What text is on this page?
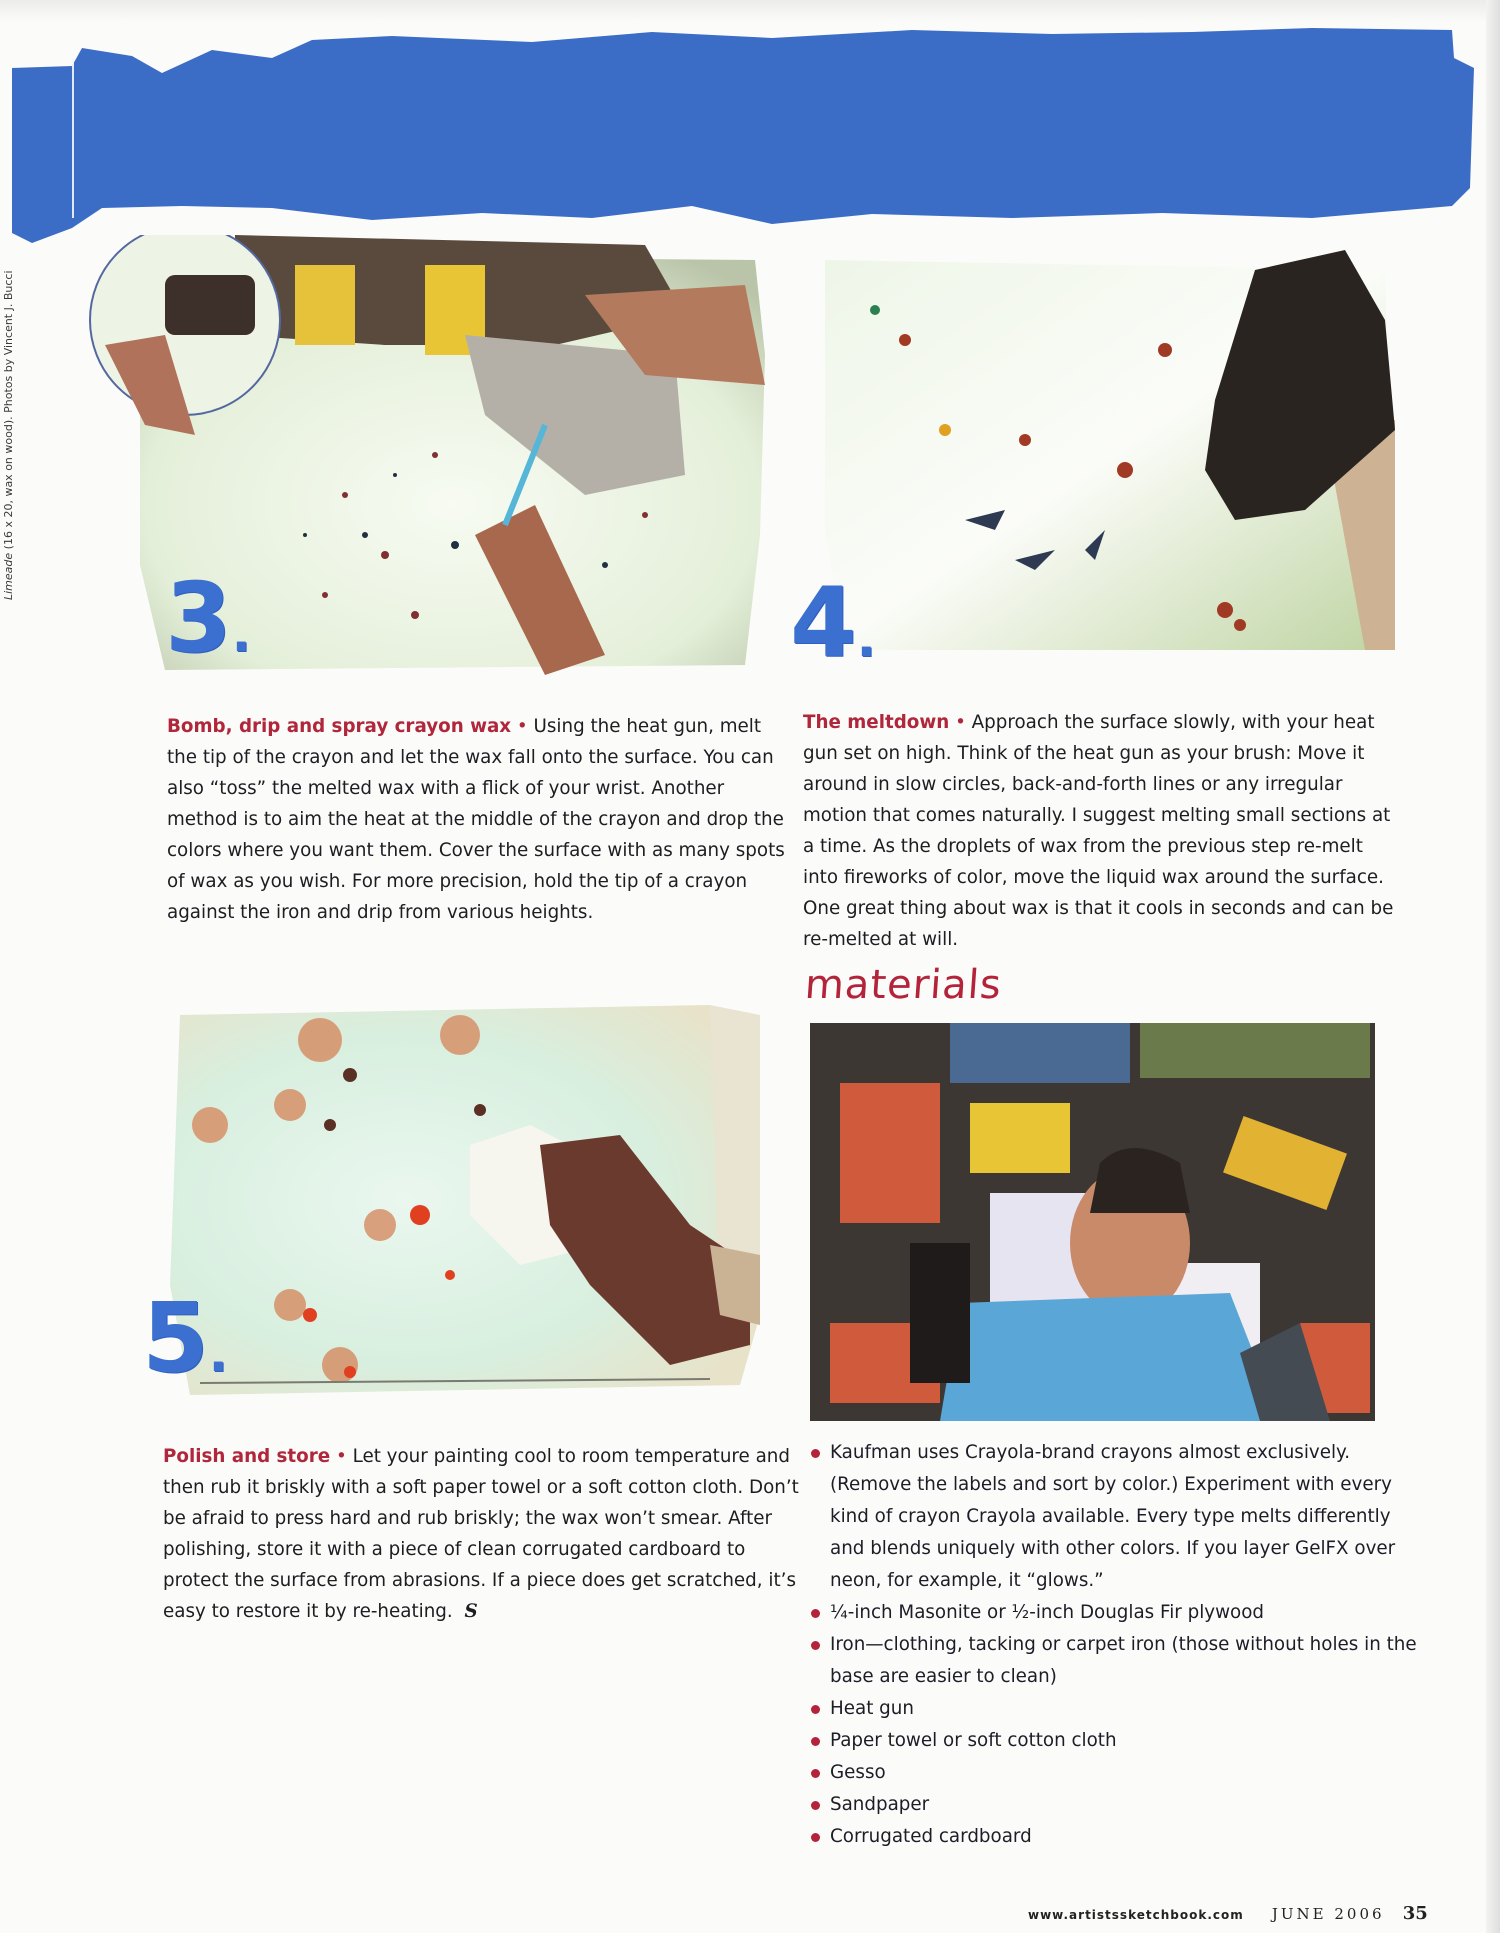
Limeade (16 x 20, wax on wood). Photos by Vincent J. Bucci
3.	4.
Bomb, drip and spray crayon wax • Using the heat gun, melt the tip of the crayon and let the wax fall onto the surface. You can also “toss” the melted wax with a flick of your wrist. Another method is to aim the heat at the middle of the crayon and drop the colors where you want them. Cover the surface with as many spots of wax as you wish. For more precision, hold the tip of a crayon against the iron and drip from various heights.
The meltdown • Approach the surface slowly, with your heat gun set on high. Think of the heat gun as your brush: Move it around in slow circles, back-and-forth lines or any irregular motion that comes naturally. I suggest melting small sections at a time. As the droplets of wax from the previous step re-melt into fireworks of color, move the liquid wax around the surface. One great thing about wax is that it cools in seconds and can be re-melted at will.
materials
5.
Polish and store • Let your painting cool to room temperature and then rub it briskly with a soft paper towel or a soft cotton cloth. Don’t be afraid to press hard and rub briskly; the wax won’t smear. After polishing, store it with a piece of clean corrugated cardboard to protect the surface from abrasions. If a piece does get scratched, it’s easy to restore it by re-heating. S
Kaufman uses Crayola-brand crayons almost exclusively. (Remove the labels and sort by color.) Experiment with every kind of crayon Crayola available. Every type melts differently and blends uniquely with other colors. If you layer GelFX over neon, for example, it “glows.”
¼-inch Masonite or ½-inch Douglas Fir plywood
Iron—clothing, tacking or carpet iron (those without holes in the base are easier to clean)
Heat gun
Paper towel or soft cotton cloth
Gesso
Sandpaper
Corrugated cardboard
www.artistssketchbook.com JUNE 2006 35
